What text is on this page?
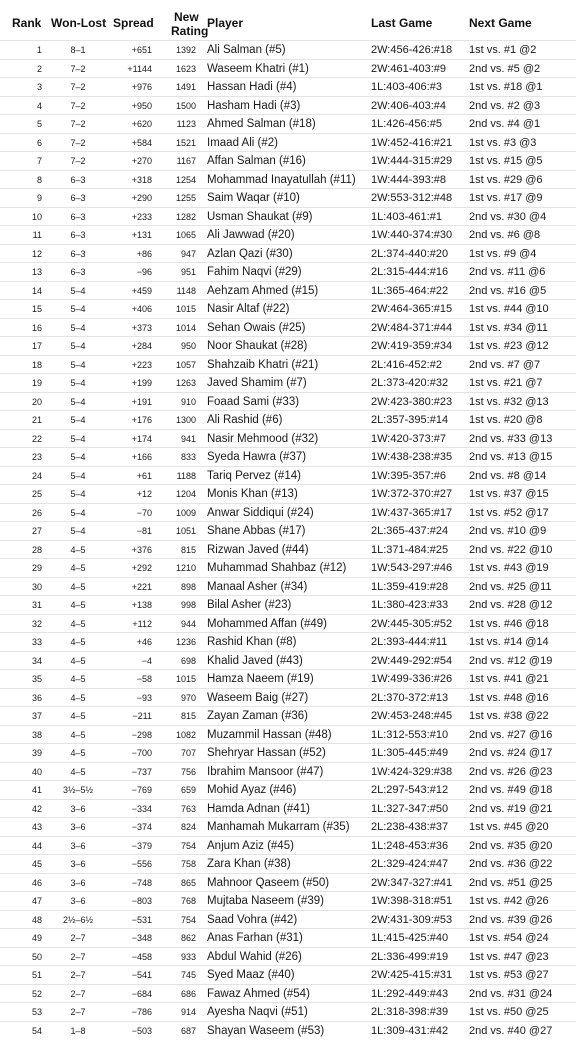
Rank Won-Lost Spread New
Rating
Player	Last Game	Next Game
1	8–1	+651	1392 Ali Salman (#5)	2W:456-426:#18	1st vs. #1 @2
2	7–2	+1144	1623 Waseem Khatri (#1)	2W:461-403:#9	2nd vs. #5 @2
3	7–2	+976	1491 Hassan Hadi (#4)	1L:403-406:#3	1st vs. #18 @1
4	7–2	+950	1500 Hasham Hadi (#3)	2W:406-403:#4	2nd vs. #2 @3
5	7–2	+620	1123 Ahmed Salman (#18)	1L:426-456:#5	2nd vs. #4 @1
6	7–2	+584	1521 Imaad Ali (#2)	1W:452-416:#21	1st vs. #3 @3
7	7–2	+270	1167 Affan Salman (#16)	1W:444-315:#29	1st vs. #15 @5
8	6–3	+318	1254 Mohammad Inayatullah (#11)	1W:444-393:#8	1st vs. #29 @6
9	6–3	+290	1255 Saim Waqar (#10)	2W:553-312:#48	1st vs. #17 @9
10	6–3	+233	1282 Usman Shaukat (#9)	1L:403-461:#1	2nd vs. #30 @4
11	6–3	+131	1065 Ali Jawwad (#20)	1W:440-374:#30	2nd vs. #6 @8
12	6–3	+86	947 Azlan Qazi (#30)	2L:374-440:#20	1st vs. #9 @4
13	6–3	−96	951 Fahim Naqvi (#29)	2L:315-444:#16	2nd vs. #11 @6
14	5–4	+459	1148 Aehzam Ahmed (#15)	1L:365-464:#22	2nd vs. #16 @5
15	5–4	+406	1015 Nasir Altaf (#22)	2W:464-365:#15	1st vs. #44 @10
16	5–4	+373	1014 Sehan Owais (#25)	2W:484-371:#44	1st vs. #34 @11
17	5–4	+284	950 Noor Shaukat (#28)	2W:419-359:#34	1st vs. #23 @12
18	5–4	+223	1057 Shahzaib Khatri (#21)	2L:416-452:#2	2nd vs. #7 @7
19	5–4	+199	1263 Javed Shamim (#7)	2L:373-420:#32	1st vs. #21 @7
20	5–4	+191	910 Foaad Sami (#33)	2W:423-380:#23	1st vs. #32 @13
21	5–4	+176	1300 Ali Rashid (#6)	2L:357-395:#14	1st vs. #20 @8
22	5–4	+174	941 Nasir Mehmood (#32)	1W:420-373:#7	2nd vs. #33 @13
23	5–4	+166	833 Syeda Hawra (#37)	1W:438-238:#35	2nd vs. #13 @15
24	5–4	+61	1188 Tariq Pervez (#14)	1W:395-357:#6	2nd vs. #8 @14
25	5–4	+12	1204 Monis Khan (#13)	1W:372-370:#27	1st vs. #37 @15
26	5–4	−70	1009 Anwar Siddiqui (#24)	1W:437-365:#17	1st vs. #52 @17
27	5–4	−81	1051 Shane Abbas (#17)	2L:365-437:#24	2nd vs. #10 @9
28	4–5	+376	815 Rizwan Javed (#44)	1L:371-484:#25	2nd vs. #22 @10
29	4–5	+292	1210 Muhammad Shahbaz (#12)	1W:543-297:#46	1st vs. #43 @19
30	4–5	+221	898 Manaal Asher (#34)	1L:359-419:#28	2nd vs. #25 @11
31	4–5	+138	998 Bilal Asher (#23)	1L:380-423:#33	2nd vs. #28 @12
32	4–5	+112	944 Mohammed Affan (#49)	2W:445-305:#52	1st vs. #46 @18
33	4–5	+46	1236 Rashid Khan (#8)	2L:393-444:#11	1st vs. #14 @14
34	4–5	−4	698 Khalid Javed (#43)	2W:449-292:#54	2nd vs. #12 @19
35	4–5	−58	1015 Hamza Naeem (#19)	1W:499-336:#26	1st vs. #41 @21
36	4–5	−93	970 Waseem Baig (#27)	2L:370-372:#13	1st vs. #48 @16
37	4–5	−211	815 Zayan Zaman (#36)	2W:453-248:#45	1st vs. #38 @22
38	4–5	−298	1082 Muzammil Hassan (#48)	1L:312-553:#10	2nd vs. #27 @16
39	4–5	−700	707 Shehryar Hassan (#52)	1L:305-445:#49	2nd vs. #24 @17
40	4–5	−737	756 Ibrahim Mansoor (#47)	1W:424-329:#38	2nd vs. #26 @23
41	3½–5½	−769	659 Mohid Ayaz (#46)	2L:297-543:#12	2nd vs. #49 @18
42	3–6	−334	763 Hamda Adnan (#41)	1L:327-347:#50	2nd vs. #19 @21
43	3–6	−374	824 Manhamah Mukarram (#35)	2L:238-438:#37	1st vs. #45 @20
44	3–6	−379	754 Anjum Aziz (#45)	1L:248-453:#36	2nd vs. #35 @20
45	3–6	−556	758 Zara Khan (#38)	2L:329-424:#47	2nd vs. #36 @22
46	3–6	−748	865 Mahnoor Qaseem (#50)	2W:347-327:#41	2nd vs. #51 @25
47	3–6	−803	768 Mujtaba Naseem (#39)	1W:398-318:#51	1st vs. #42 @26
48	2½–6½	−531	754 Saad Vohra (#42)	2W:431-309:#53	2nd vs. #39 @26
49	2–7	−348	862 Anas Farhan (#31)	1L:415-425:#40	1st vs. #54 @24
50	2–7	−458	933 Abdul Wahid (#26)	2L:336-499:#19	1st vs. #47 @23
51	2–7	−541	745 Syed Maaz (#40)	2W:425-415:#31	1st vs. #53 @27
52	2–7	−684	686 Fawaz Ahmed (#54)	1L:292-449:#43	2nd vs. #31 @24
53	2–7	−786	914 Ayesha Naqvi (#51)	2L:318-398:#39	1st vs. #50 @25
54	1–8	−503	687 Shayan Waseem (#53)	1L:309-431:#42	2nd vs. #40 @27
